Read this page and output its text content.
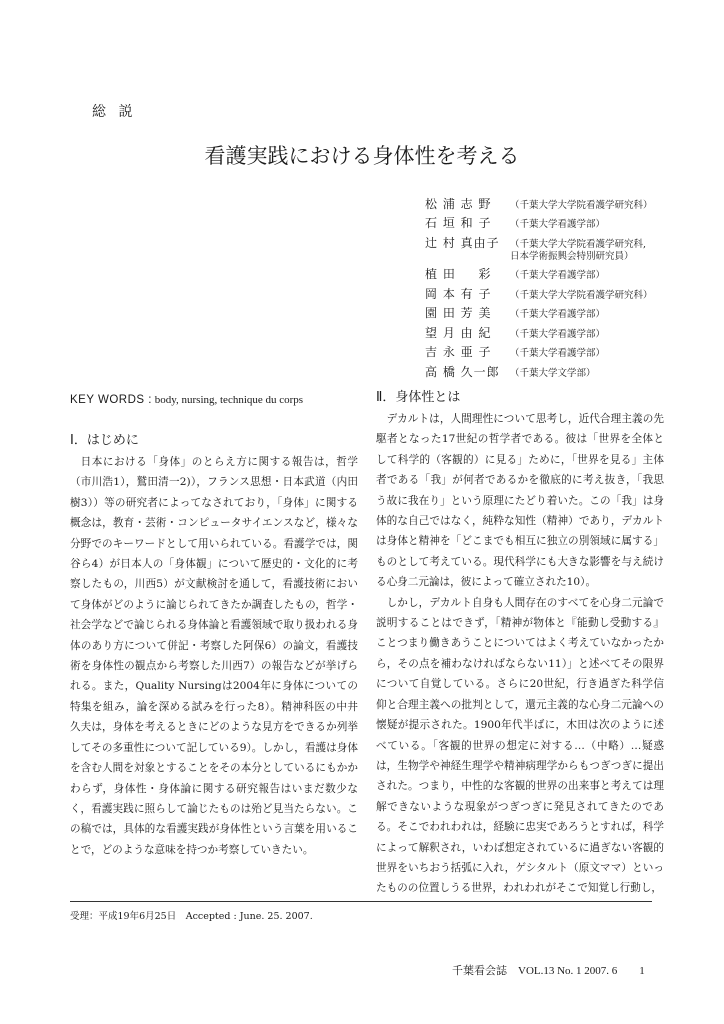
総 説
看護実践における身体性を考える
松 浦 志 野 （千葉大学大学院看護学研究科）
石 垣 和 子 （千葉大学看護学部）
辻 村 真由子 （千葉大学大学院看護学研究科,
日本学術振興会特別研究員）
植 田 　 彩 （千葉大学看護学部）
岡 本 有 子 （千葉大学大学院看護学研究科）
園 田 芳 美 （千葉大学看護学部）
望 月 由 紀 （千葉大学看護学部）
吉 永 亜 子 （千葉大学看護学部）
高 橋 久一郎 （千葉大学文学部）
KEY WORDS : body, nursing, technique du corps
Ⅰ．はじめに

日本における「身体」のとらえ方に関する報告は，哲学（市川浩1），鷲田清一2)），フランス思想・日本武道（内田樹3））等の研究者によってなされており，「身体」に関する概念は，教育・芸術・コンピュータサイエンスなど，様々な分野でのキーワードとして用いられている。看護学では，関谷ら4）が日本人の「身体観」について歴史的・文化的に考察したもの，川西5）が文献検討を通して，看護技術において身体がどのように論じられてきたか調査したもの，哲学・社会学などで論じられる身体論と看護領域で取り扱われる身体のあり方について併記・考察した阿保6）の論文，看護技術を身体性の観点から考察した川西7）の報告などが挙げられる。また，Quality Nursingは2004年に身体についての特集を組み，論を深める試みを行った8）。精神科医の中井久夫は，身体を考えるときにどのような見方をできるか列挙してその多重性について記している9）。しかし，看護は身体を含む人間を対象とすることをその本分としているにもかかわらず，身体性・身体論に関する研究報告はいまだ数少なく，看護実践に照らして論じたものは殆ど見当たらない。この稿では，具体的な看護実践が身体性という言葉を用いることで，どのような意味を持つか考察していきたい。

Ⅱ．身体性とは

デカルトは，人間理性について思考し，近代合理主義の先駆者となった17世紀の哲学者である。彼は「世界を全体として科学的（客観的）に見る」ために，「世界を見る」主体者である「我」が何者であるかを徹底的に考え抜き，「我思う故に我在り」という原理にたどり着いた。この「我」は身体的な自己ではなく，純粋な知性（精神）であり，デカルトは身体と精神を「どこまでも相互に独立の別領域に属する」ものとして考えている。現代科学にも大きな影響を与え続ける心身二元論は，彼によって確立された10）。

しかし，デカルト自身も人間存在のすべてを心身二元論で説明することはできず，「精神が物体と『能動し受動する』ことつまり働きあうことについてはよく考えていなかったから，その点を補わなければならない11）」と述べてその限界について自覚している。さらに20世紀，行き過ぎた科学信仰と合理主義への批判として，還元主義的な心身二元論への懐疑が提示された。1900年代半ばに，木田は次のように述べている。「客観的世界の想定に対する…（中略）…疑惑は，生物学や神経生理学や精神病理学からもつぎつぎに提出された。つまり，中性的な客観的世界の出来事と考えては理解できないような現象がつぎつぎに発見されてきたのである。そこでわれわれは，経験に忠実であろうとすれば，科学によって解釈され，いわば想定されているに過ぎない客観的世界をいちおう括弧に入れ，ゲシタルト（原文ママ）といったものの位置しうる世界，われわれがそこで知覚し行動し，

受理：平成19年6月25日　Accepted : June. 25. 2007.
千葉看会誌　VOL.13 No. 1 2007. 6　　1
